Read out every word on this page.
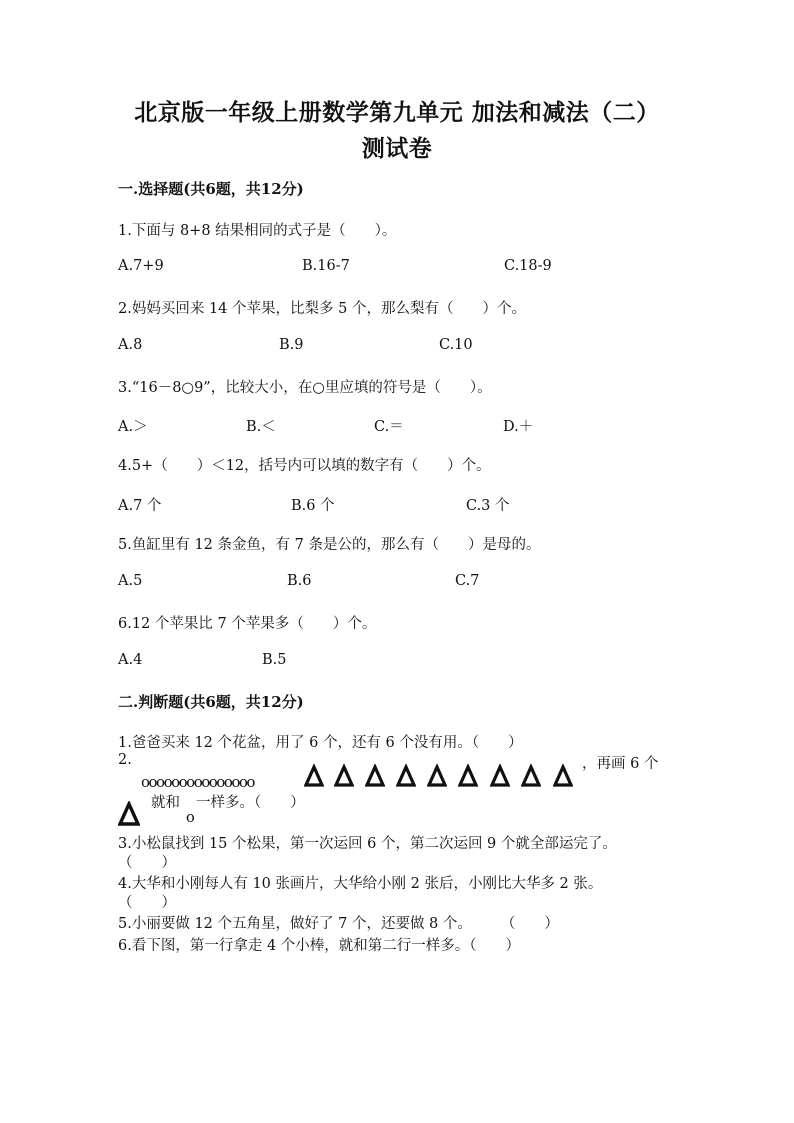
北京版一年级上册数学第九单元 加法和减法（二）
测试卷
一.选择题(共6题，共12分)
1.下面与 8+8 结果相同的式子是（　　）。
A.7+9	B.16-7	C.18-9
2.妈妈买回来 14 个苹果，比梨多 5 个，那么梨有（　　）个。
A.8	B.9	C.10
3.“16－8○9”，比较大小，在○里应填的符号是（　　）。
A.＞	B.＜	C.＝	D.＋
4.5+（　　）＜12，括号内可以填的数字有（　　）个。
A.7 个	B.6 个	C.3 个
5.鱼缸里有 12 条金鱼，有 7 条是公的，那么有（　　）是母的。
A.5	B.6	C.7
6.12 个苹果比 7 个苹果多（　　）个。
A.4	B.5
二.判断题(共6题，共12分)
1.爸爸买来 12 个花盆，用了 6 个，还有 6 个没有用。（　　）
2.
ooooooooooooooo
，再画 6 个
就和 一样多。（　　）
o
3.小松鼠找到 15 个松果，第一次运回 6 个，第二次运回 9 个就全部运完了。
（　　）
4.大华和小刚每人有 10 张画片，大华给小刚 2 张后，小刚比大华多 2 张。
（　　）
5.小丽要做 12 个五角星，做好了 7 个，还要做 8 个。　　　（　　）
6.看下图，第一行拿走 4 个小棒，就和第二行一样多。（　　）
